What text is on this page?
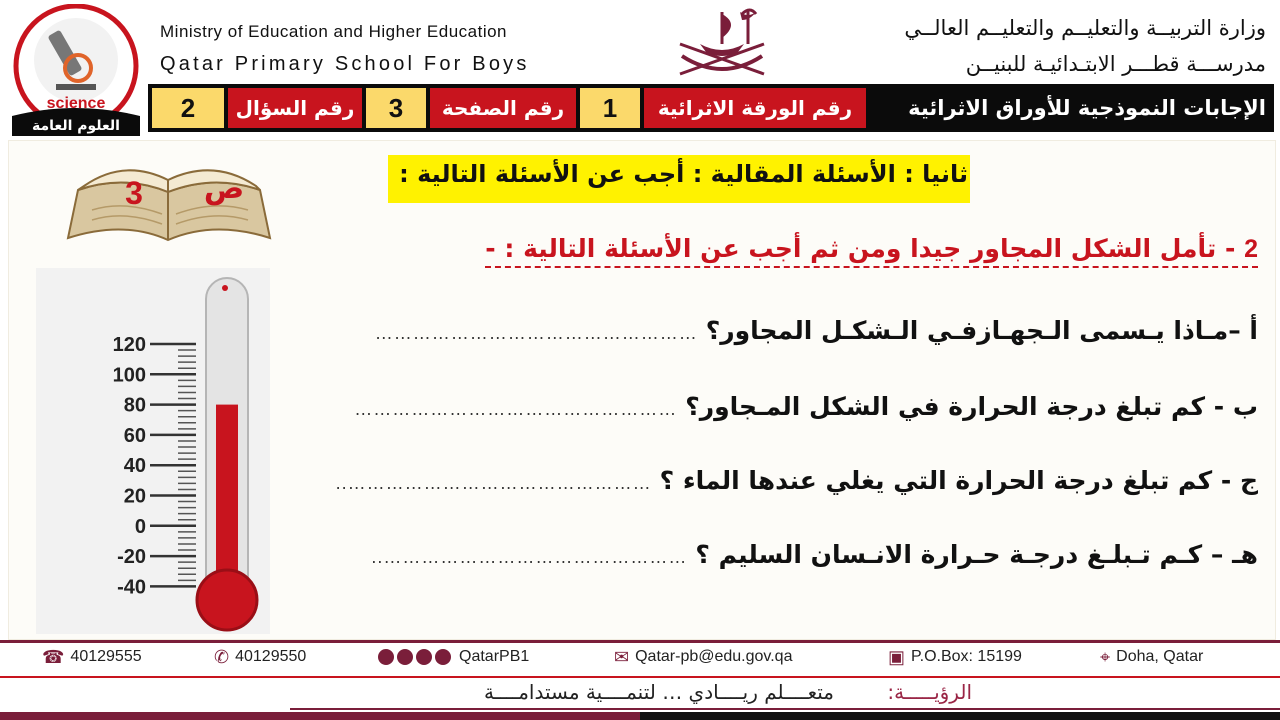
science
العلوم العامة
Ministry of Education and Higher Education
Qatar Primary School For Boys
وزارة التربيــة والتعليــم والتعليــم العالــي
مدرســـة قطـــر الابتـدائيـة للبنيــن
2	رقم السؤال	3	رقم الصفحة	1	رقم الورقة الاثرائية	الإجابات النموذجية للأوراق الاثرائية
ص
3
ثانيا : الأسئلة المقالية : أجب عن الأسئلة التالية :
2 - تأمل الشكل المجاور جيدا ومن ثم أجب عن الأسئلة التالية : -
أ –مـاذا يـسمى الـجهـازفـي الـشكـل المجاور؟
……………………………………………
ب - كم تبلغ درجة الحرارة في الشكل المـجاور؟
……………………………………………
ج - كم تبلغ درجة الحرارة التي يغلي عندها الماء ؟
…………………………………………..
هـ – كـم تـبلـغ درجـة حـرارة الانـسان السليم ؟
…………………………………………..
120
100
80
60
40
20
0
-20
-40
☎ 40129555	✆ 40129550	QatarPB1	✉ Qatar-pb@edu.gov.qa	▣ P.O.Box: 15199	⌖ Doha, Qatar
الرؤيـــــة:
متعــــلم ريــــادي … لتنمــــية مستدامــــة
